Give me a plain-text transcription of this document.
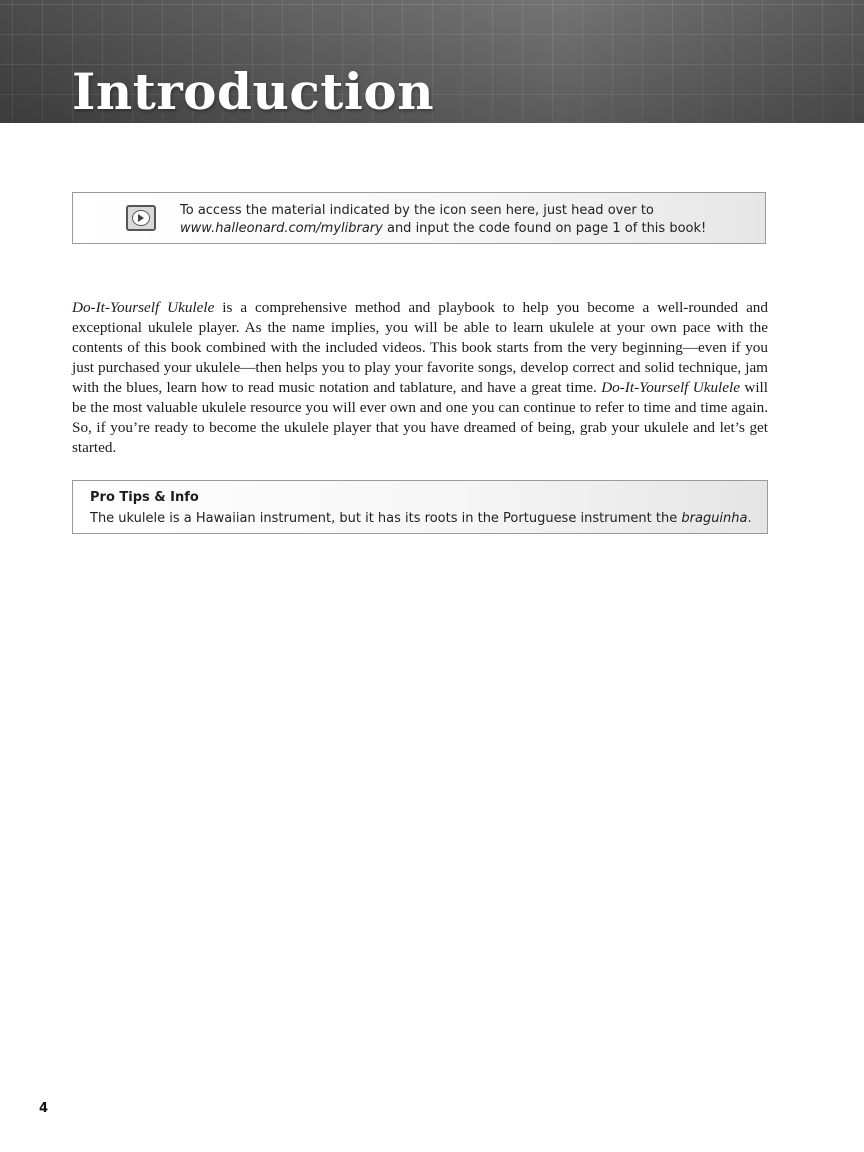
Introduction
To access the material indicated by the icon seen here, just head over to
www.halleonard.com/mylibrary and input the code found on page 1 of this book!

Do-It-Yourself Ukulele is a comprehensive method and playbook to help you become a well-rounded and exceptional ukulele player. As the name implies, you will be able to learn ukulele at your own pace with the contents of this book combined with the included videos. This book starts from the very beginning—even if you just purchased your ukulele—then helps you to play your favorite songs, develop correct and solid technique, jam with the blues, learn how to read music notation and tablature, and have a great time. Do-It-Yourself Ukulele will be the most valuable ukulele resource you will ever own and one you can continue to refer to time and time again. So, if you’re ready to become the ukulele player that you have dreamed of being, grab your ukulele and let’s get started.

Pro Tips & Info
The ukulele is a Hawaiian instrument, but it has its roots in the Portuguese instrument the braguinha.
4
